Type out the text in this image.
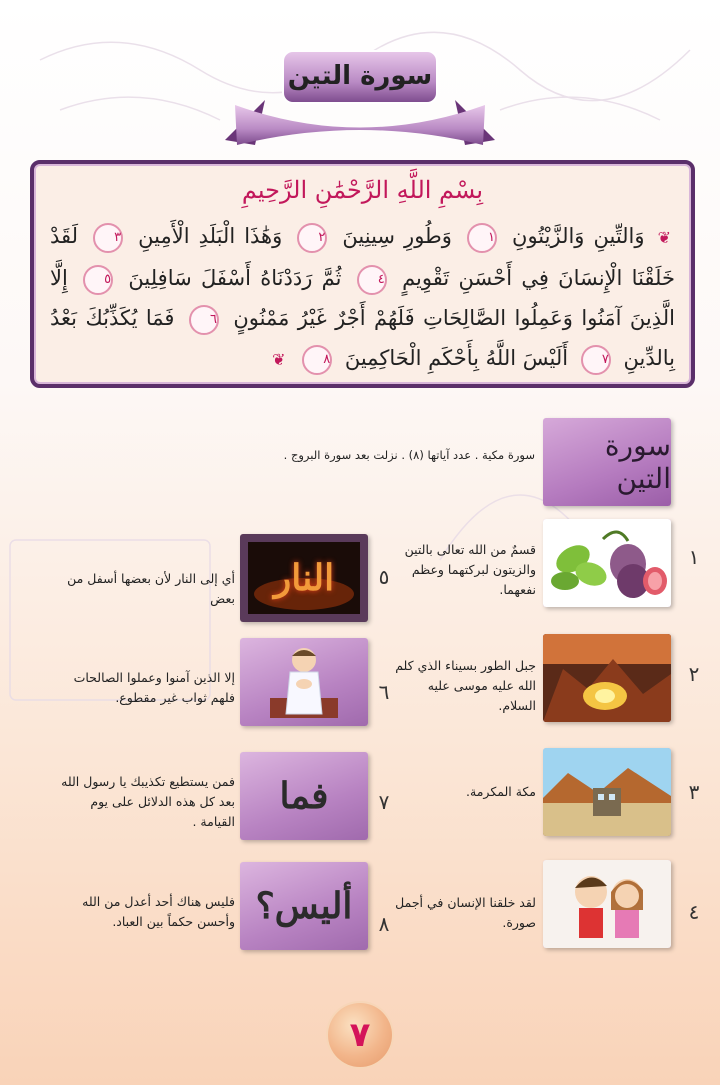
سورة التين
بِسْمِ اللَّهِ الرَّحْمَٰنِ الرَّحِيمِ
❦ وَالتِّينِ وَالزَّيْتُونِ ١ وَطُورِ سِينِينَ ٢ وَهَٰذَا الْبَلَدِ الْأَمِينِ ٣ لَقَدْ خَلَقْنَا الْإِنسَانَ فِي أَحْسَنِ تَقْوِيمٍ ٤ ثُمَّ رَدَدْنَاهُ أَسْفَلَ سَافِلِينَ ٥ إِلَّا الَّذِينَ آمَنُوا وَعَمِلُوا الصَّالِحَاتِ فَلَهُمْ أَجْرٌ غَيْرُ مَمْنُونٍ ٦ فَمَا يُكَذِّبُكَ بَعْدُ بِالدِّينِ ٧ أَلَيْسَ اللَّهُ بِأَحْكَمِ الْحَاكِمِينَ ٨ ❦
سورة التين
سورة مكية . عدد آياتها (٨) . نزلت بعد سورة البروج .
١
قسمٌ من الله تعالى بالتين والزيتون لبركتهما وعظم نفعهما.
٢
جبل الطور بسيناء الذي كلم الله عليه موسى عليه السلام.
٣
مكة المكرمة.
٤
لقد خلقنا الإنسان في أجمل صورة.
٥
النار
أي إلى النار لأن بعضها أسفل من بعض
٦
إلا الذين آمنوا وعملوا الصالحات فلهم ثواب غير مقطوع.
٧
فما
فمن يستطيع تكذيبك يا رسول الله بعد كل هذه الدلائل على يوم القيامة .
٨
أليس؟
فليس هناك أحد أعدل من الله وأحسن حكماً بين العباد.
٧
